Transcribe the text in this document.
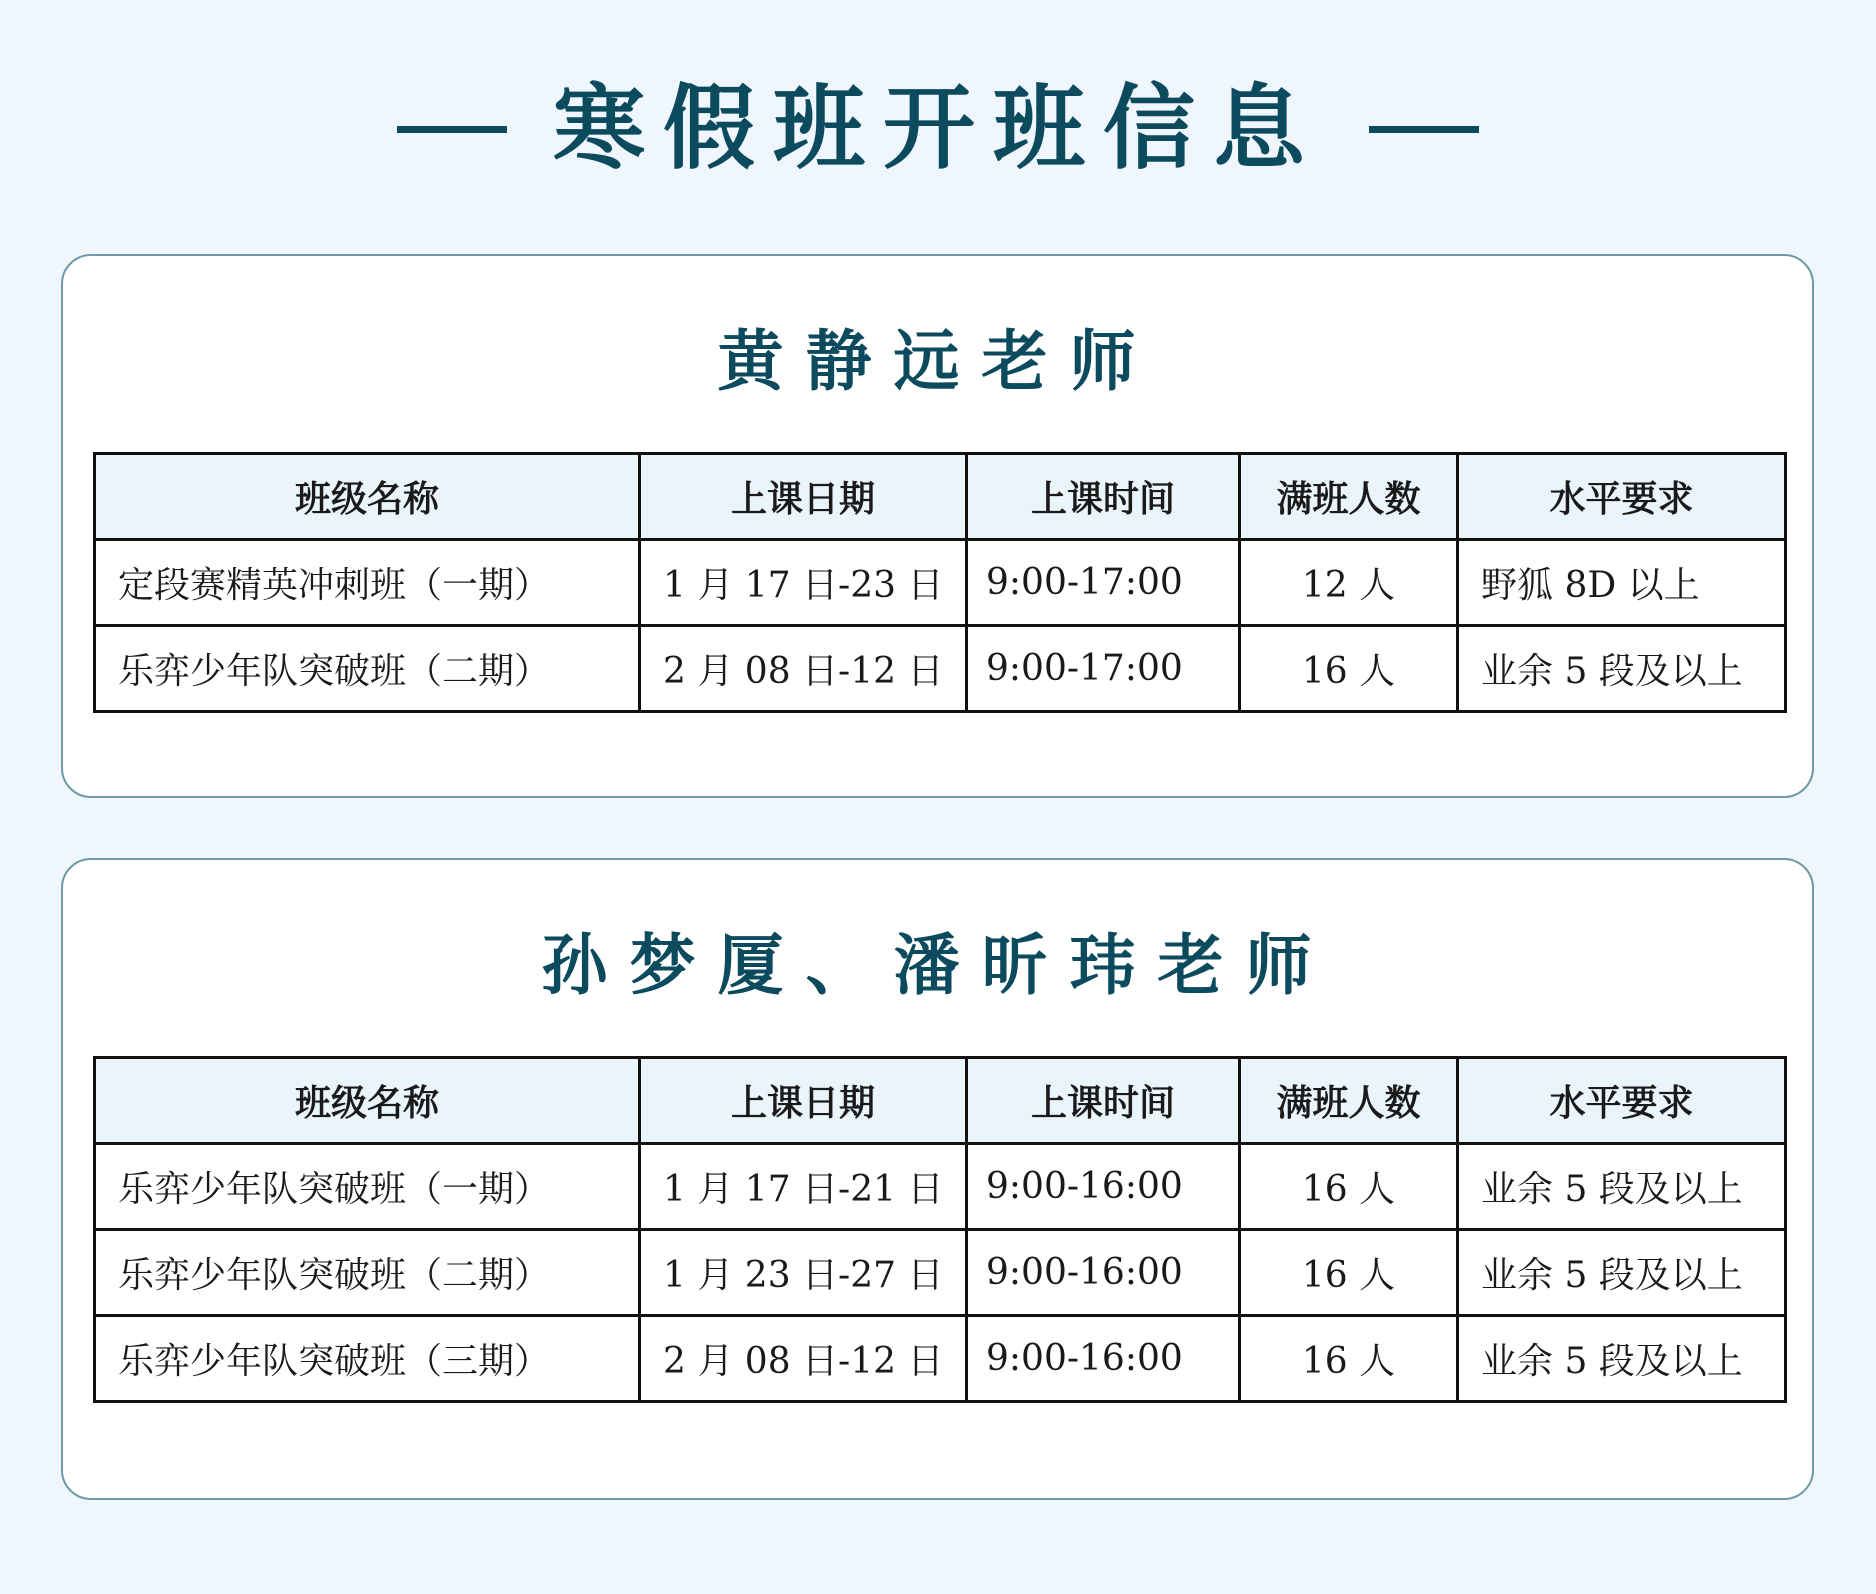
寒假班开班信息
黄静远老师
班级名称	上课日期	上课时间	满班人数	水平要求
定段赛精英冲刺班（一期）	1 月 17 日-23 日	9:00-17:00	12 人	野狐 8D 以上
乐弈少年队突破班（二期）	2 月 08 日-12 日	9:00-17:00	16 人	业余 5 段及以上
孙梦厦、潘昕玮老师
班级名称	上课日期	上课时间	满班人数	水平要求
乐弈少年队突破班（一期）	1 月 17 日-21 日	9:00-16:00	16 人	业余 5 段及以上
乐弈少年队突破班（二期）	1 月 23 日-27 日	9:00-16:00	16 人	业余 5 段及以上
乐弈少年队突破班（三期）	2 月 08 日-12 日	9:00-16:00	16 人	业余 5 段及以上
